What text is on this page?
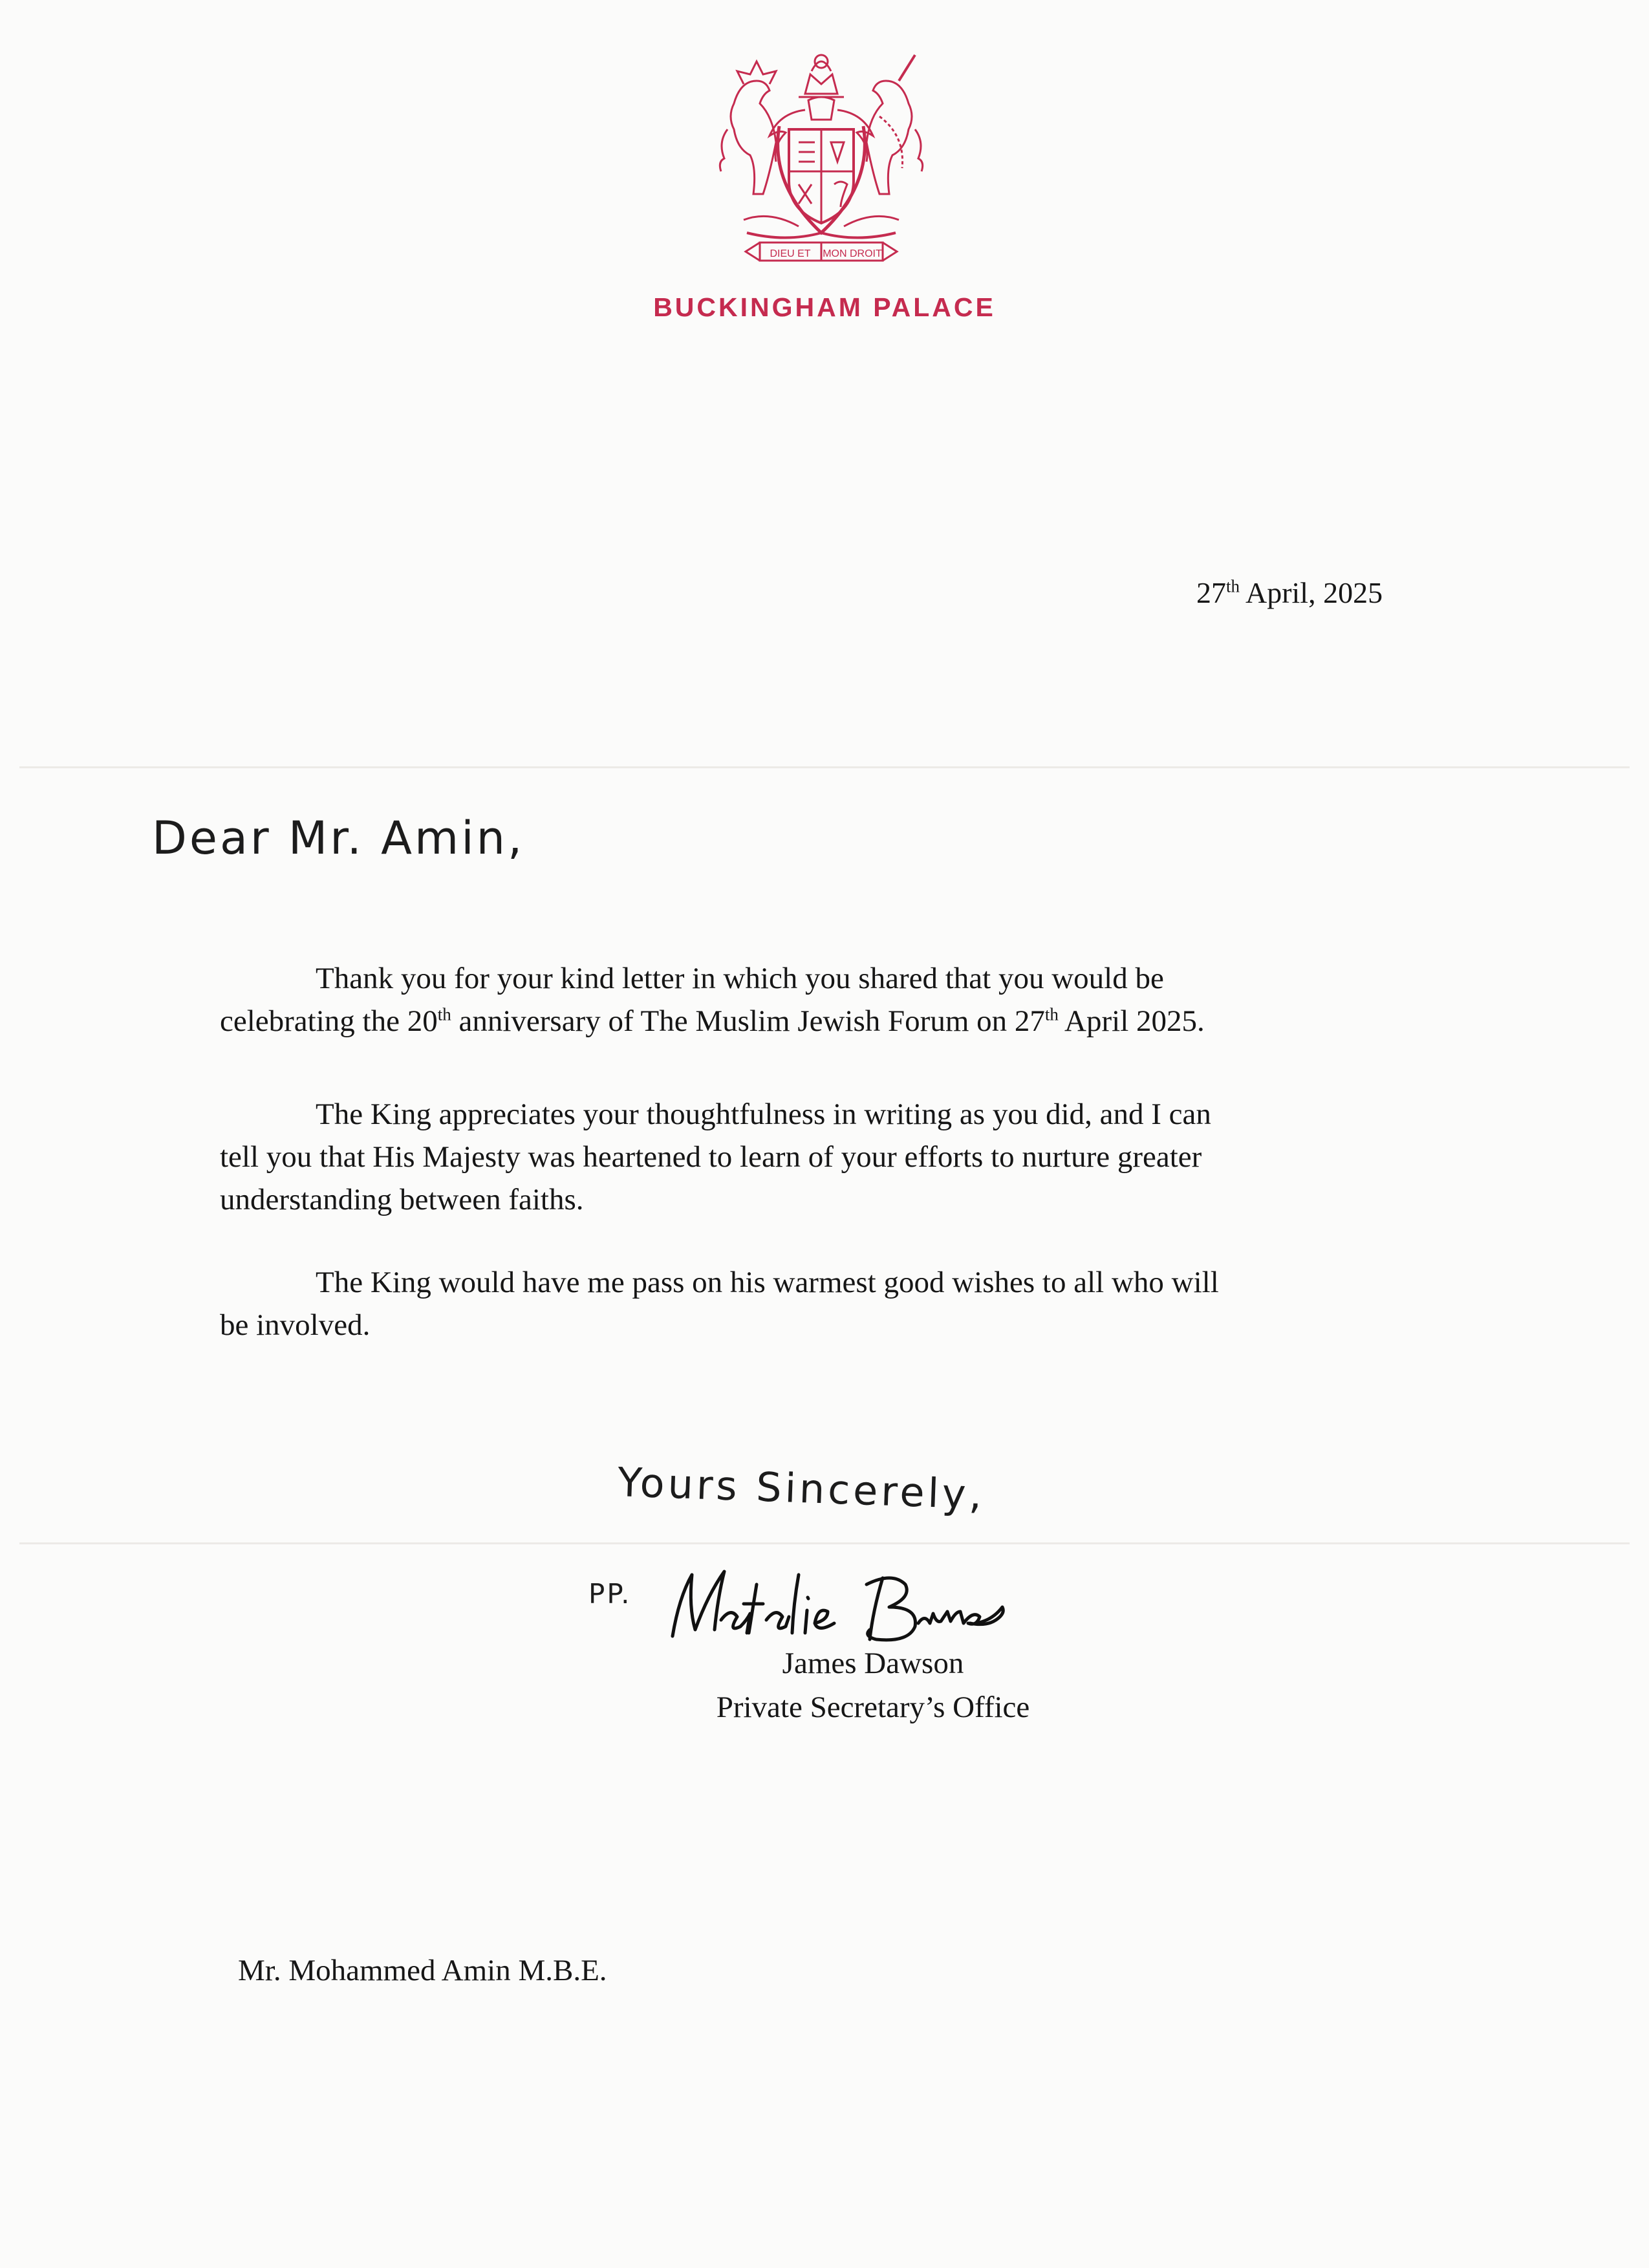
DIEU ET MON DROIT
BUCKINGHAM PALACE
27th April, 2025
Dear Mr. Amin,

Thank you for your kind letter in which you shared that you would be

celebrating the 20th anniversary of The Muslim Jewish Forum on 27th April 2025.

The King appreciates your thoughtfulness in writing as you did, and I can

tell you that His Majesty was heartened to learn of your efforts to nurture greater

understanding between faiths.

The King would have me pass on his warmest good wishes to all who will

be involved.

Yours Sincerely,
PP.
James Dawson
Private Secretary’s Office
Mr. Mohammed Amin M.B.E.
